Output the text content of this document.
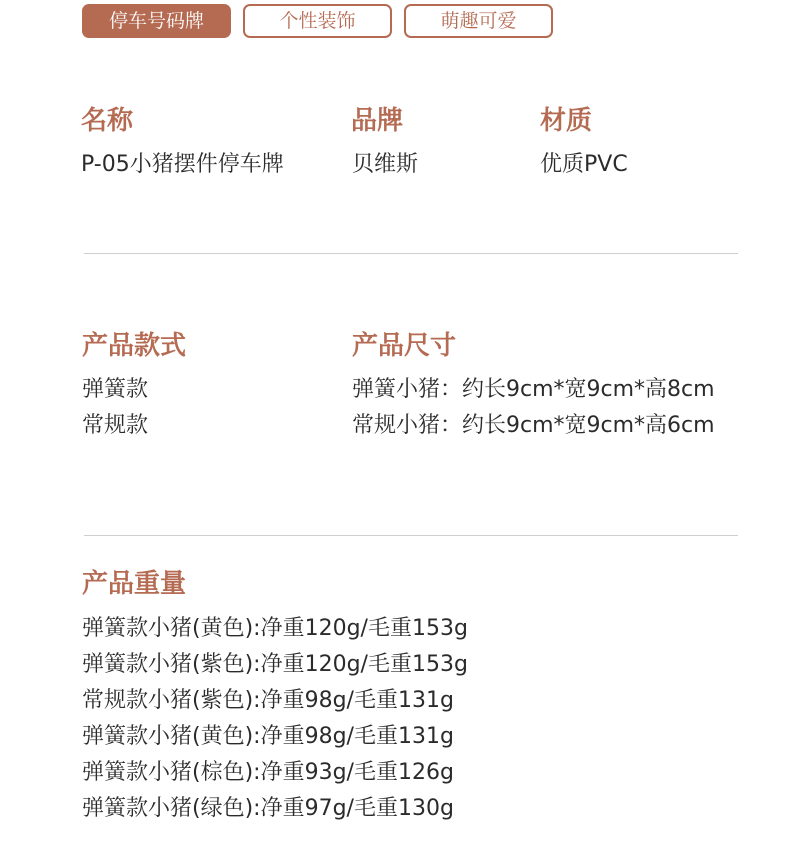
停车号码牌	个性装饰	萌趣可爱
名称
P-05小猪摆件停车牌
品牌
贝维斯
材质
优质PVC
产品款式
弹簧款
常规款
产品尺寸
弹簧小猪：约长9cm*宽9cm*高8cm
常规小猪：约长9cm*宽9cm*高6cm
产品重量
弹簧款小猪(黄色):净重120g/毛重153g
弹簧款小猪(紫色):净重120g/毛重153g
常规款小猪(紫色):净重98g/毛重131g
弹簧款小猪(黄色):净重98g/毛重131g
弹簧款小猪(棕色):净重93g/毛重126g
弹簧款小猪(绿色):净重97g/毛重130g
